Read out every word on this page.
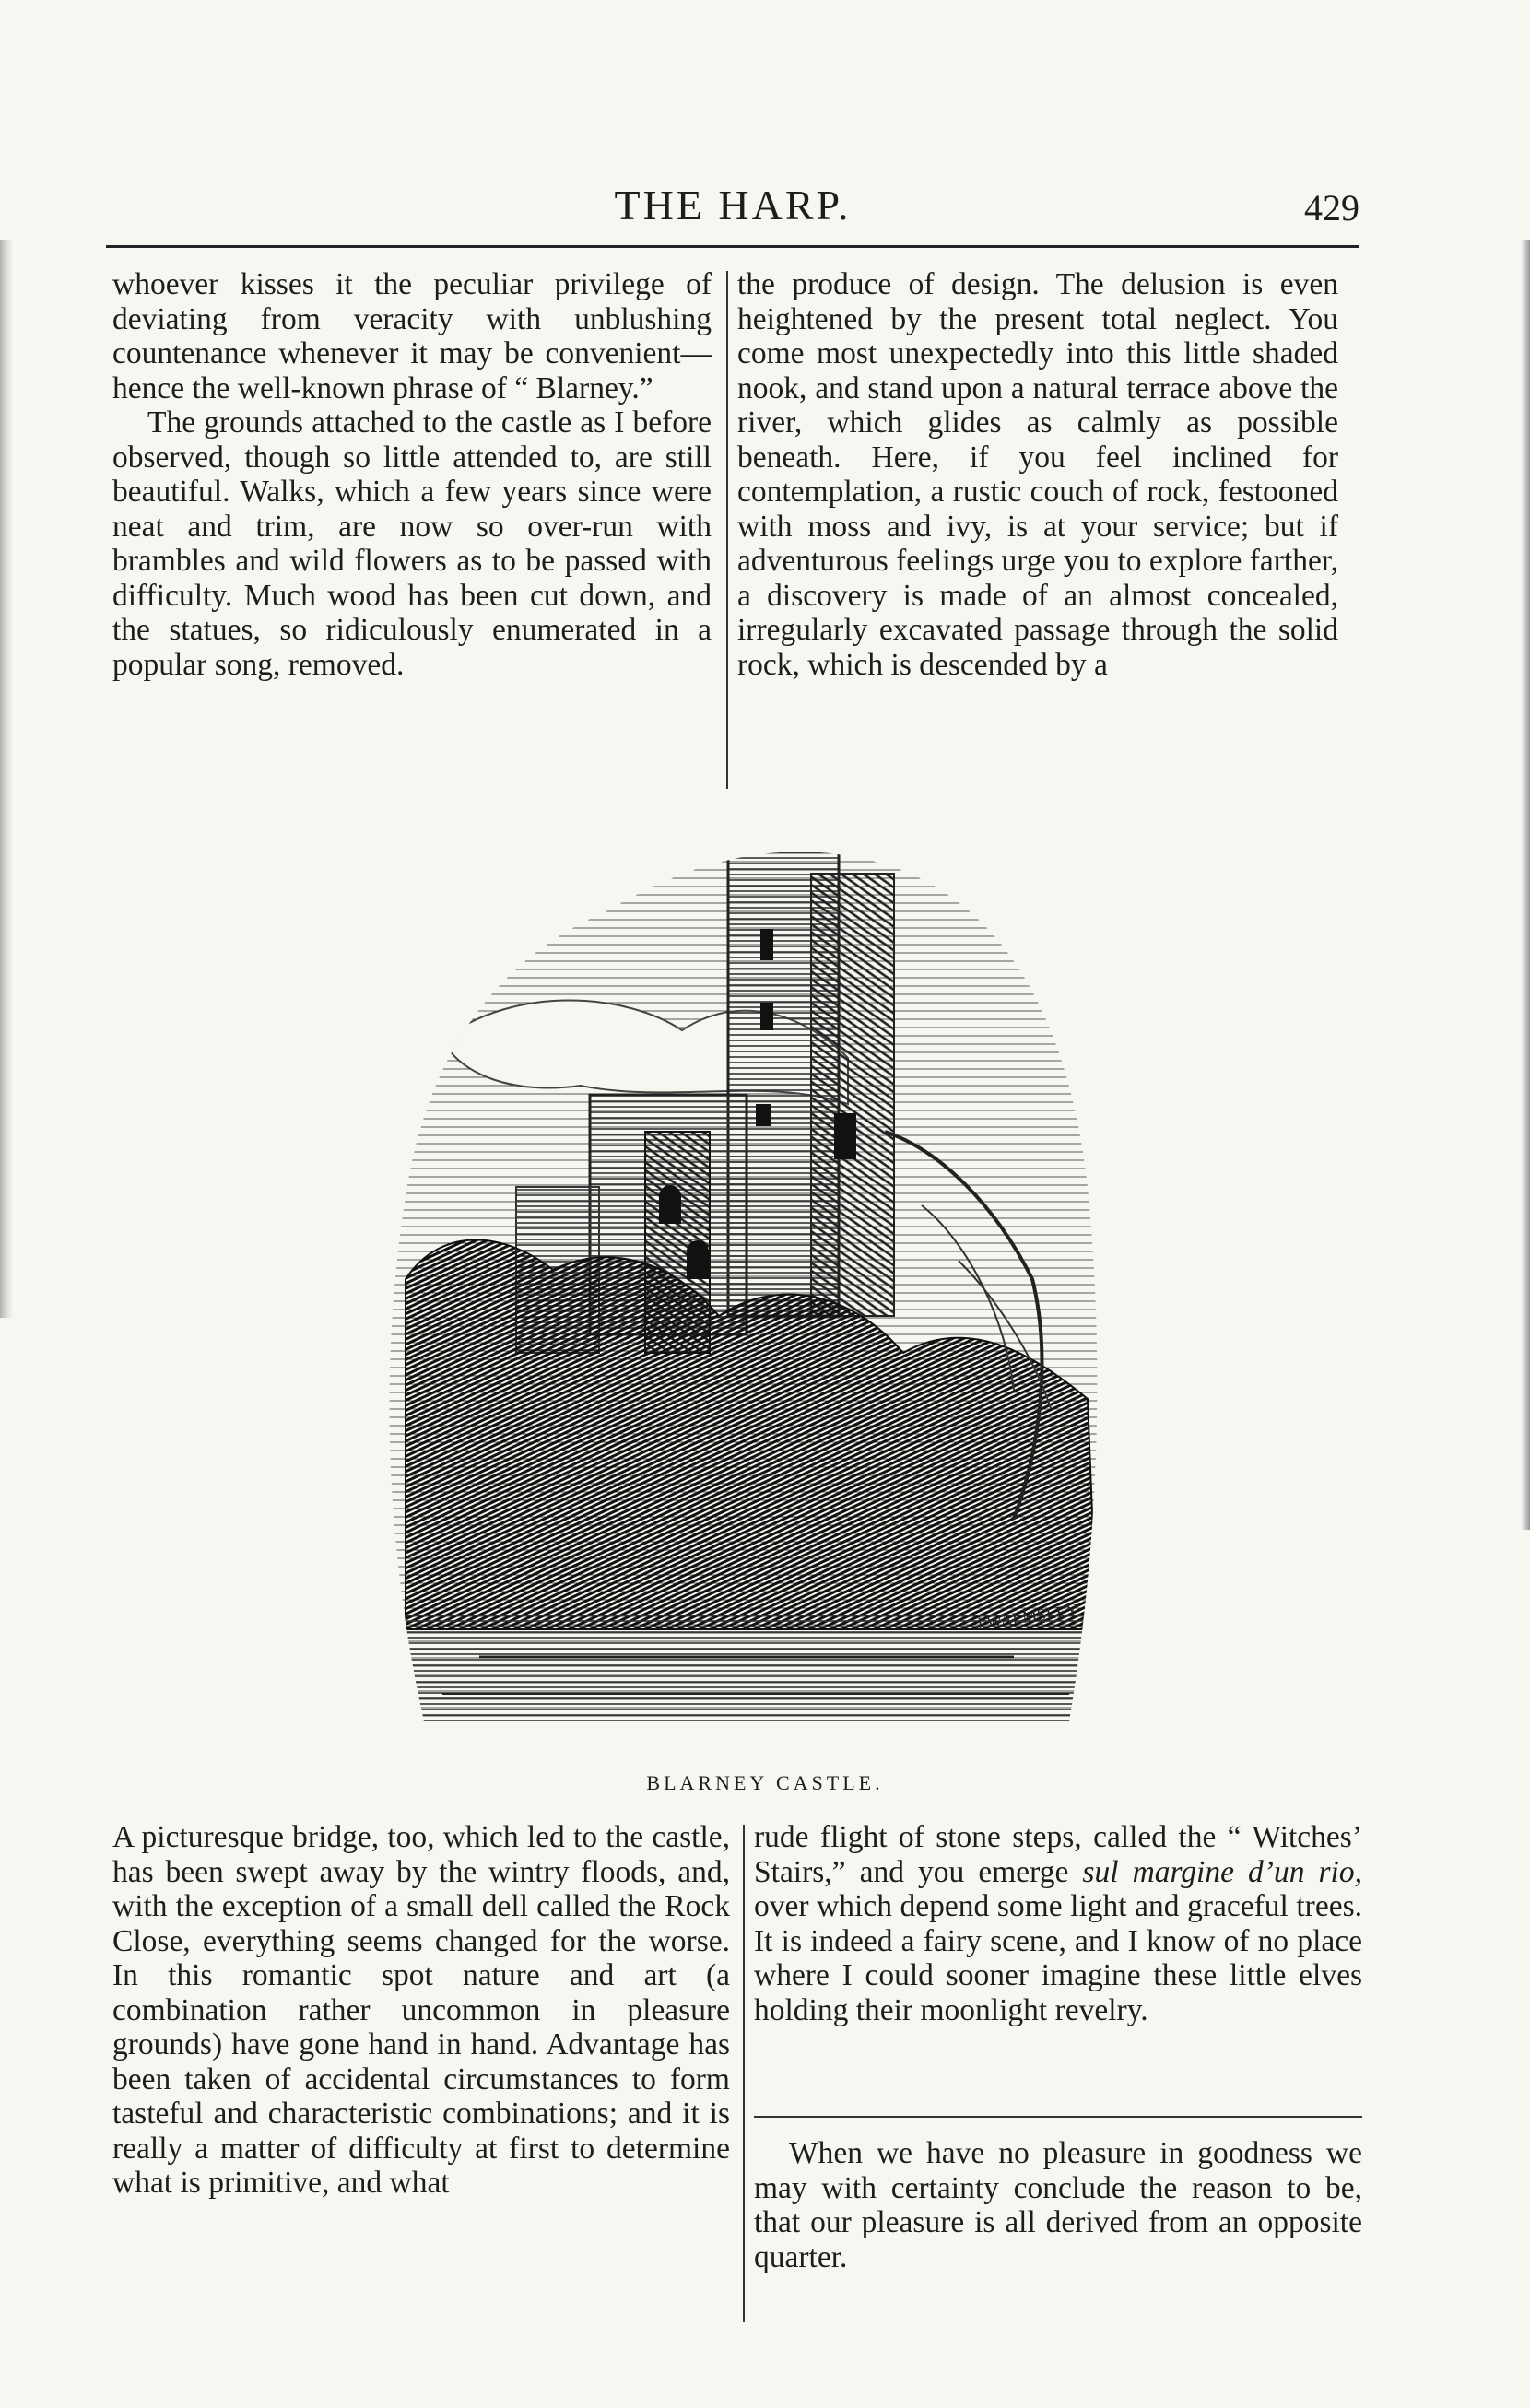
THE HARP.	429

whoever kisses it the peculiar privilege of deviating from veracity with unblushing countenance whenever it may be convenient—hence the well-known phrase of “ Blarney.”

The grounds attached to the castle as I before observed, though so little attended to, are still beautiful. Walks, which a few years since were neat and trim, are now so over-run with brambles and wild flowers as to be passed with difficulty. Much wood has been cut down, and the statues, so ridiculously enumerated in a popular song, removed.

the produce of design. The delusion is even heightened by the present total neglect. You come most unexpectedly into this little shaded nook, and stand upon a natural terrace above the river, which glides as calmly as possible beneath. Here, if you feel inclined for contemplation, a rustic couch of rock, festooned with moss and ivy, is at your service; but if adventurous feelings urge you to explore farther, a discovery is made of an almost concealed, irregularly excavated passage through the solid rock, which is descended by a

J.WALMSLEY
BLARNEY CASTLE.

A picturesque bridge, too, which led to the castle, has been swept away by the wintry floods, and, with the exception of a small dell called the Rock Close, everything seems changed for the worse. In this romantic spot nature and art (a combination rather uncommon in pleasure grounds) have gone hand in hand. Advantage has been taken of accidental circumstances to form tasteful and characteristic combinations; and it is really a matter of difficulty at first to determine what is primitive, and what

rude flight of stone steps, called the “ Witches’ Stairs,” and you emerge sul margine d’un rio, over which depend some light and graceful trees. It is indeed a fairy scene, and I know of no place where I could sooner imagine these little elves holding their moonlight revelry.

When we have no pleasure in goodness we may with certainty conclude the reason to be, that our pleasure is all derived from an opposite quarter.
